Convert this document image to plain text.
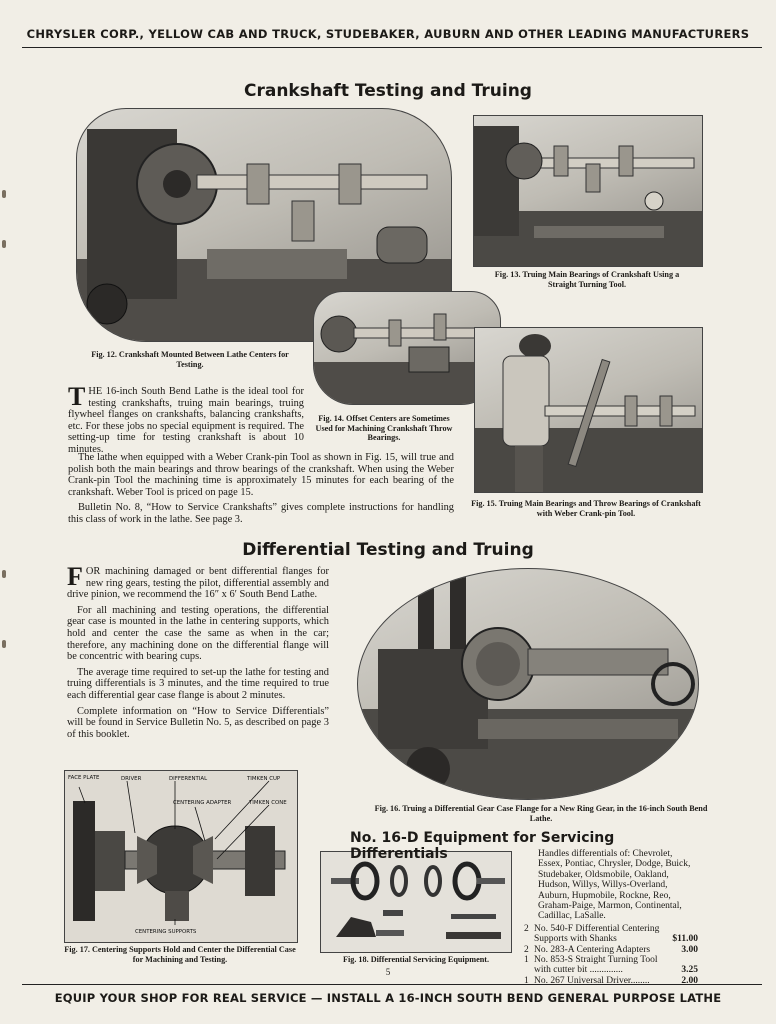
CHRYSLER CORP., YELLOW CAB AND TRUCK, STUDEBAKER, AUBURN AND OTHER LEADING MANUFACTURERS
Crankshaft Testing and Truing
Fig. 12. Crankshaft Mounted Between Lathe Centers for Testing.
Fig. 13. Truing Main Bearings of Crankshaft Using a Straight Turning Tool.
Fig. 14. Offset Centers are Sometimes Used for Machining Crankshaft Throw Bearings.
Fig. 15. Truing Main Bearings and Throw Bearings of Crankshaft with Weber Crank-pin Tool.

THE 16-inch South Bend Lathe is the ideal tool for testing crankshafts, truing main bearings, truing flywheel flanges on crankshafts, balancing crankshafts, etc. For these jobs no special equipment is required. The setting-up time for testing crankshaft is about 10 minutes.

The lathe when equipped with a Weber Crank-pin Tool as shown in Fig. 15, will true and polish both the main bearings and throw bearings of the crankshaft. When using the Weber Crank-pin Tool the machining time is approximately 15 minutes for each bearing of the crankshaft. Weber Tool is priced on page 15.

Bulletin No. 8, “How to Service Crankshafts” gives complete instructions for handling this class of work in the lathe. See page 3.

Differential Testing and Truing

FOR machining damaged or bent differential flanges for new ring gears, testing the pilot, differential assembly and drive pinion, we recommend the 16″ x 6′ South Bend Lathe.

For all machining and testing operations, the differential gear case is mounted in the lathe in centering supports, which hold and center the case the same as when in the car; therefore, any machining done on the differential flange will be concentric with bearing cups.

The average time required to set-up the lathe for testing and truing differentials is 3 minutes, and the time required to true each differential gear case flange is about 2 minutes.

Complete information on “How to Service Differentials” will be found in Service Bulletin No. 5, as described on page 3 of this booklet.

Fig. 16. Truing a Differential Gear Case Flange for a New Ring Gear, in the 16-inch South Bend Lathe.
FACE PLATE	DRIVER	DIFFERENTIAL	TIMKEN CUP
CENTERING ADAPTER	TIMKEN CONE
CENTERING SUPPORTS
Fig. 17. Centering Supports Hold and Center the Differential Case for Machining and Testing.	Fig. 18. Differential Servicing Equipment.
No. 16-D Equipment for Servicing Differentials	Handles differentials of: Chevrolet, Essex, Pontiac, Chrysler, Dodge, Buick, Studebaker, Oldsmobile, Oakland, Hudson, Willys, Willys-Overland, Auburn, Hupmobile, Rockne, Reo, Graham-Paige, Marmon, Continental, Cadillac, LaSalle.
2 No. 540-F Differential Centering Supports with Shanks	$11.00
2 No. 283-A Centering Adapters	3.00
1 No. 853-S Straight Turning Tool with cutter bit ..............	3.25
1 No. 267 Universal Driver........	2.00
5
EQUIP YOUR SHOP FOR REAL SERVICE — INSTALL A 16-INCH SOUTH BEND GENERAL PURPOSE LATHE
